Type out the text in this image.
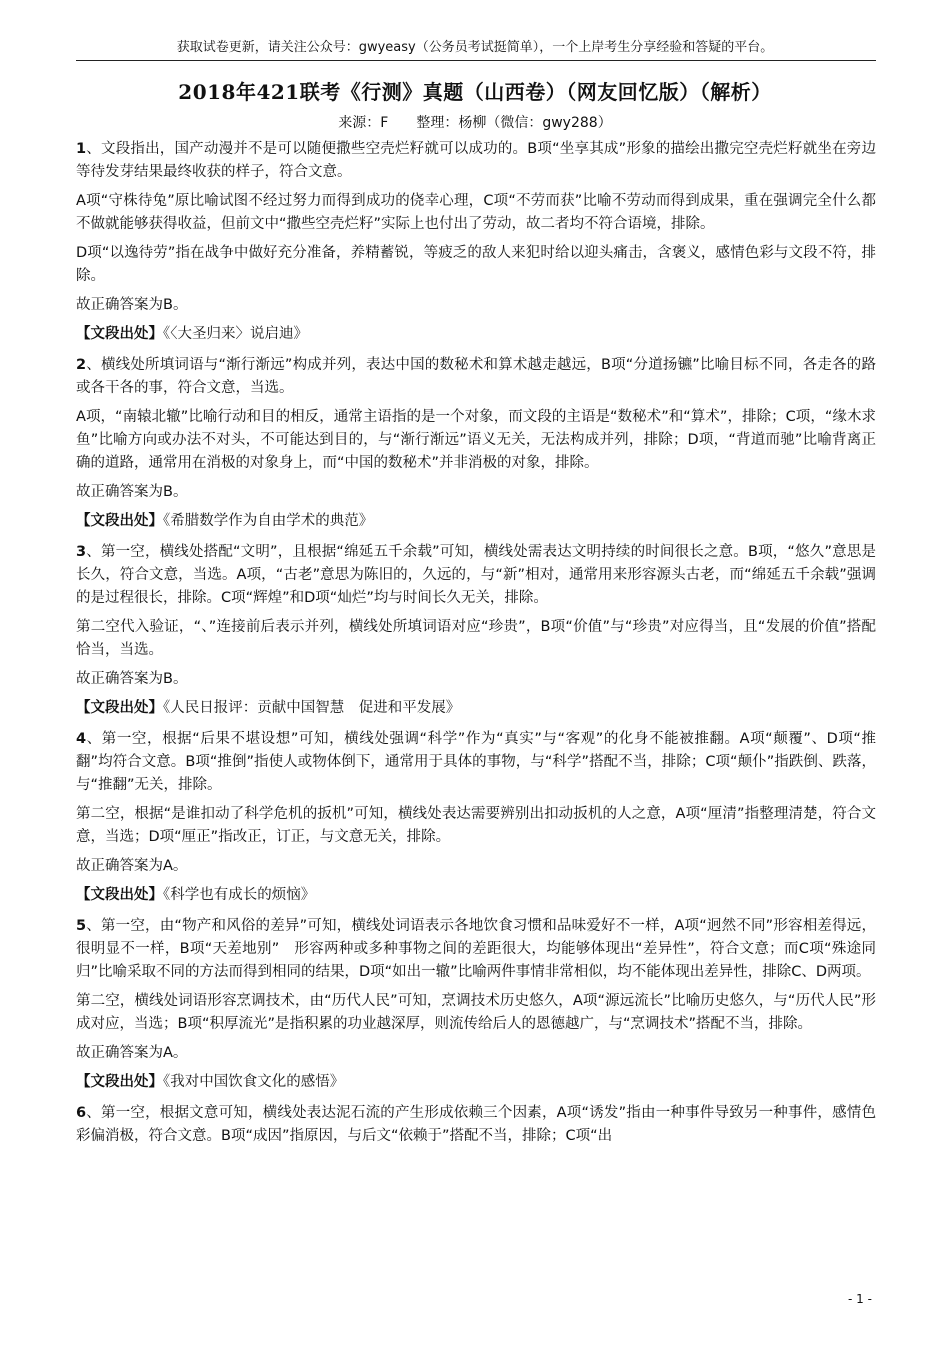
获取试卷更新，请关注公众号：gwyeasy（公务员考试挺简单），一个上岸考生分享经验和答疑的平台。
2018年421联考《行测》真题（山西卷）（网友回忆版）（解析）
来源：F　　整理：杨柳（微信：gwy288）

1、文段指出，国产动漫并不是可以随便撒些空壳烂籽就可以成功的。B项“坐享其成”形象的描绘出撒完空壳烂籽就坐在旁边等待发芽结果最终收获的样子，符合文意。

A项“守株待兔”原比喻试图不经过努力而得到成功的侥幸心理，C项“不劳而获”比喻不劳动而得到成果，重在强调完全什么都不做就能够获得收益，但前文中“撒些空壳烂籽”实际上也付出了劳动，故二者均不符合语境，排除。

D项“以逸待劳”指在战争中做好充分准备，养精蓄锐，等疲乏的敌人来犯时给以迎头痛击，含褒义，感情色彩与文段不符，排除。

故正确答案为B。

【文段出处】《〈大圣归来〉说启迪》

2、横线处所填词语与“渐行渐远”构成并列，表达中国的数秘术和算术越走越远，B项“分道扬镳”比喻目标不同，各走各的路或各干各的事，符合文意，当选。

A项，“南辕北辙”比喻行动和目的相反，通常主语指的是一个对象，而文段的主语是“数秘术”和“算术”，排除；C项，“缘木求鱼”比喻方向或办法不对头，不可能达到目的，与“渐行渐远”语义无关，无法构成并列，排除；D项，“背道而驰”比喻背离正确的道路，通常用在消极的对象身上，而“中国的数秘术”并非消极的对象，排除。

故正确答案为B。

【文段出处】《希腊数学作为自由学术的典范》

3、第一空，横线处搭配“文明”，且根据“绵延五千余载”可知，横线处需表达文明持续的时间很长之意。B项，“悠久”意思是长久，符合文意，当选。A项，“古老”意思为陈旧的，久远的，与“新”相对，通常用来形容源头古老，而“绵延五千余载”强调的是过程很长，排除。C项“辉煌”和D项“灿烂”均与时间长久无关，排除。

第二空代入验证，“、”连接前后表示并列，横线处所填词语对应“珍贵”，B项“价值”与“珍贵”对应得当，且“发展的价值”搭配恰当，当选。

故正确答案为B。

【文段出处】《人民日报评：贡献中国智慧　促进和平发展》

4、第一空，根据“后果不堪设想”可知，横线处强调“科学”作为“真实”与“客观”的化身不能被推翻。A项“颠覆”、D项“推翻”均符合文意。B项“推倒”指使人或物体倒下，通常用于具体的事物，与“科学”搭配不当，排除；C项“颠仆”指跌倒、跌落，与“推翻”无关，排除。

第二空，根据“是谁扣动了科学危机的扳机”可知，横线处表达需要辨别出扣动扳机的人之意，A项“厘清”指整理清楚，符合文意，当选；D项“厘正”指改正，订正，与文意无关，排除。

故正确答案为A。

【文段出处】《科学也有成长的烦恼》

5、第一空，由“物产和风俗的差异”可知，横线处词语表示各地饮食习惯和品味爱好不一样，A项“迥然不同”形容相差得远，很明显不一样，B项“天差地别”　形容两种或多种事物之间的差距很大，均能够体现出“差异性”，符合文意；而C项“殊途同归”比喻采取不同的方法而得到相同的结果，D项“如出一辙”比喻两件事情非常相似，均不能体现出差异性，排除C、D两项。

第二空，横线处词语形容烹调技术，由“历代人民”可知，烹调技术历史悠久，A项“源远流长”比喻历史悠久，与“历代人民”形成对应，当选；B项“积厚流光”是指积累的功业越深厚，则流传给后人的恩德越广，与“烹调技术”搭配不当，排除。

故正确答案为A。

【文段出处】《我对中国饮食文化的感悟》

6、第一空，根据文意可知，横线处表达泥石流的产生形成依赖三个因素，A项“诱发”指由一种事件导致另一种事件，感情色彩偏消极，符合文意。B项“成因”指原因，与后文“依赖于”搭配不当，排除；C项“出

- 1 -
